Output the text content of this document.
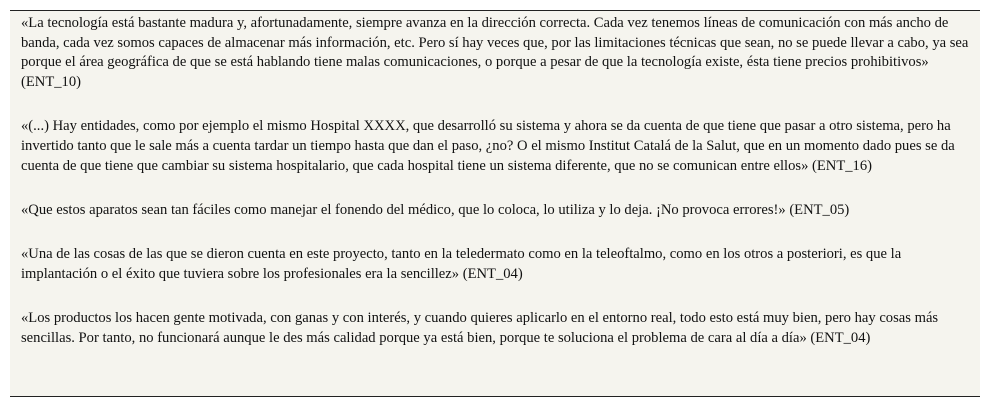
«La tecnología está bastante madura y, afortunadamente, siempre avanza en la dirección correcta. Cada vez tenemos líneas de comunicación con más ancho de banda, cada vez somos capaces de almacenar más información, etc. Pero sí hay veces que, por las limitaciones técnicas que sean, no se puede llevar a cabo, ya sea porque el área geográfica de que se está hablando tiene malas comunicaciones, o porque a pesar de que la tecnología existe, ésta tiene precios prohibitivos» (ENT_10)

«(...) Hay entidades, como por ejemplo el mismo Hospital XXXX, que desarrolló su sistema y ahora se da cuenta de que tiene que pasar a otro sistema, pero ha invertido tanto que le sale más a cuenta tardar un tiempo hasta que dan el paso, ¿no? O el mismo Institut Catalá de la Salut, que en un momento dado pues se da cuenta de que tiene que cambiar su sistema hospitalario, que cada hospital tiene un sistema diferente, que no se comunican entre ellos» (ENT_16)

«Que estos aparatos sean tan fáciles como manejar el fonendo del médico, que lo coloca, lo utiliza y lo deja. ¡No provoca errores!» (ENT_05)

«Una de las cosas de las que se dieron cuenta en este proyecto, tanto en la teledermato como en la teleoftalmo, como en los otros a posteriori, es que la implantación o el éxito que tuviera sobre los profesionales era la sencillez» (ENT_04)

«Los productos los hacen gente motivada, con ganas y con interés, y cuando quieres aplicarlo en el entorno real, todo esto está muy bien, pero hay cosas más sencillas. Por tanto, no funcionará aunque le des más calidad porque ya está bien, porque te soluciona el problema de cara al día a día» (ENT_04)
